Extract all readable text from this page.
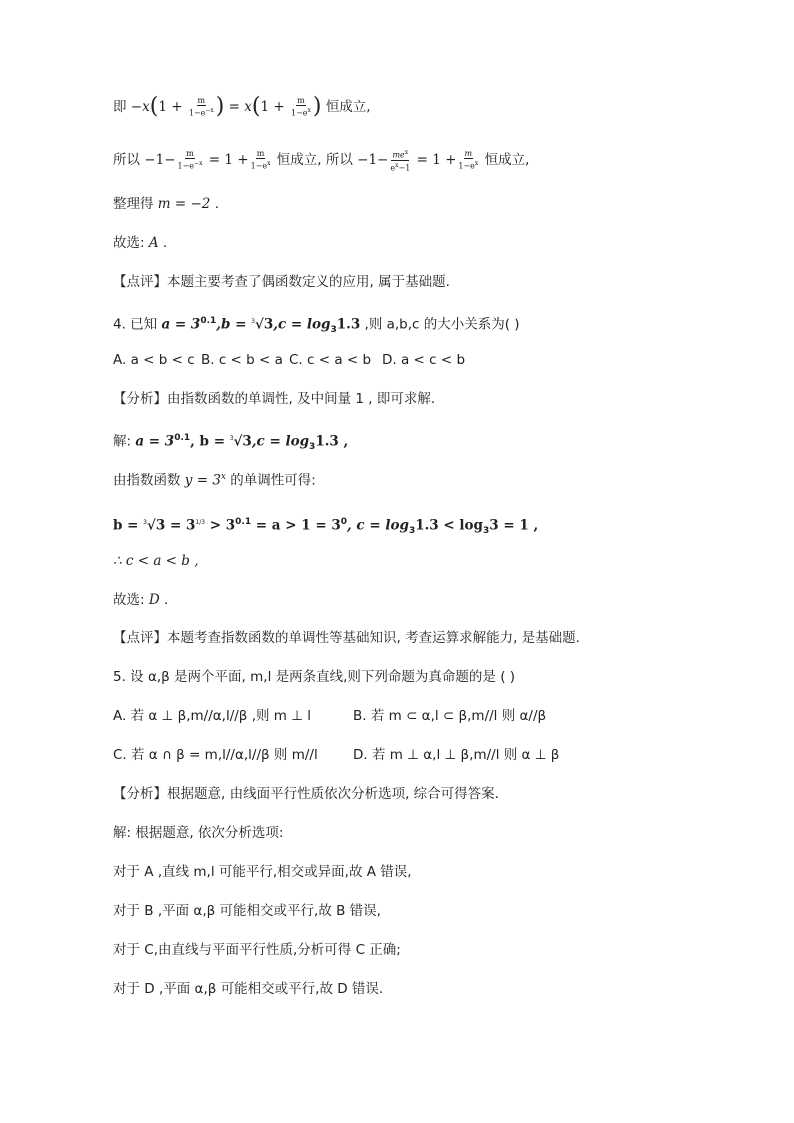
即 $-x(1 + \frac{m}{1-e^{-x}}$ ) = $x(1 + \frac{m}{1-e^x}$ ) 恒成立,
所以 $-1- \frac{m}{1-e^{-x}} = 1 + \frac{m}{1-e^x}$ 恒成立, 所以 $-1- \frac{me^x}{e^x-1} = 1 + \frac{m}{1-e^x}$ 恒成立,
整理得 m = −2 .
故选: A .
【点评】本题主要考查了偶函数定义的应用, 属于基础题.
4. 已知 $a = 3^{0.1},b = ^3√3,c = \log_31.3$ ,则 a,b,c 的大小关系为( )
A. a < b < c B. c < b < a C. c < a < b D. a < c < b
【分析】由指数函数的单调性, 及中间量 1 , 即可求解.
解: $a = 3^{0.1}$, $b = ^3√3,c = \log_31.3$ ,
由指数函数 $y = 3^x$ 的单调性可得:
$b = ^3√3 = 3^{1/3} > 3^{0.1} = a > 1 = 3^0$, $c = \log_31.3 < \log_33 = 1$ ,
∴ c < a < b ,
故选: D .
【点评】本题考查指数函数的单调性等基础知识, 考查运算求解能力, 是基础题.
5. 设 α,β 是两个平面, m,l 是两条直线,则下列命题为真命题的是 ( )
A. 若 α ⊥ β,m//α,l//β ,则 m ⊥ l	B. 若 m ⊂ α,l ⊂ β,m//l 则 α//β
C. 若 α ∩ β = m,l//α,l//β 则 m//l	D. 若 m ⊥ α,l ⊥ β,m//l 则 α ⊥ β
【分析】根据题意, 由线面平行性质依次分析选项, 综合可得答案.
解: 根据题意, 依次分析选项:
对于 A ,直线 m,l 可能平行,相交或异面,故 A 错误,
对于 B ,平面 α,β 可能相交或平行,故 B 错误,
对于 C,由直线与平面平行性质,分析可得 C 正确;
对于 D ,平面 α,β 可能相交或平行,故 D 错误.
